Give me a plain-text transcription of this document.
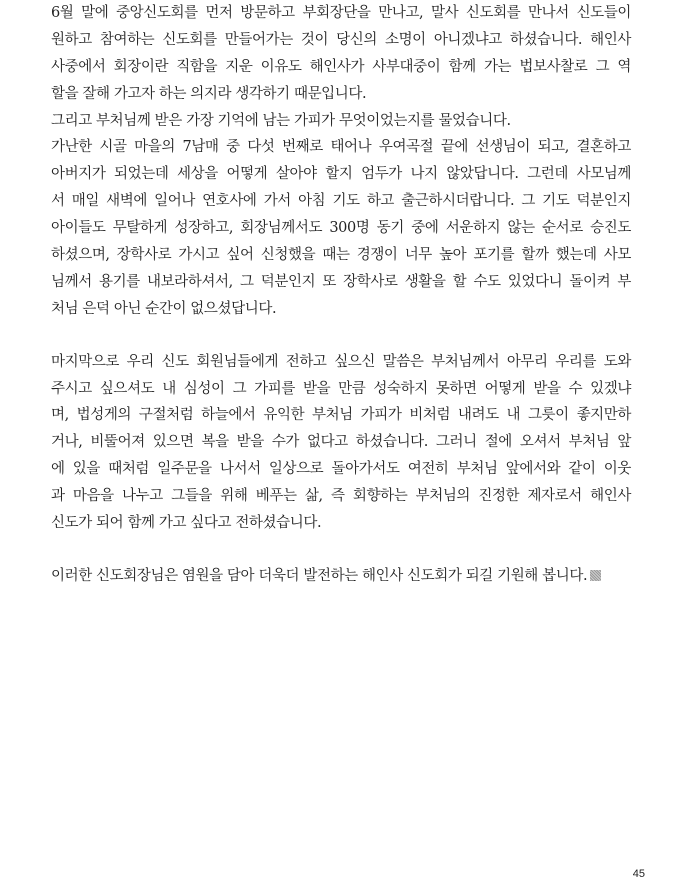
6월 말에 중앙신도회를 먼저 방문하고 부회장단을 만나고, 말사 신도회를 만나서 신도들이
원하고 참여하는 신도회를 만들어가는 것이 당신의 소명이 아니겠냐고 하셨습니다. 해인사
사중에서 회장이란 직함을 지운 이유도 해인사가 사부대중이 함께 가는 법보사찰로 그 역
할을 잘해 가고자 하는 의지라 생각하기 때문입니다.
그리고 부처님께 받은 가장 기억에 남는 가피가 무엇이었는지를 물었습니다.
가난한 시골 마을의 7남매 중 다섯 번째로 태어나 우여곡절 끝에 선생님이 되고, 결혼하고
아버지가 되었는데 세상을 어떻게 살아야 할지 엄두가 나지 않았답니다. 그런데 사모님께
서 매일 새벽에 일어나 연호사에 가서 아침 기도 하고 출근하시더랍니다. 그 기도 덕분인지
아이들도 무탈하게 성장하고, 회장님께서도 300명 동기 중에 서운하지 않는 순서로 승진도
하셨으며, 장학사로 가시고 싶어 신청했을 때는 경쟁이 너무 높아 포기를 할까 했는데 사모
님께서 용기를 내보라하셔서, 그 덕분인지 또 장학사로 생활을 할 수도 있었다니 돌이켜 부
처님 은덕 아닌 순간이 없으셨답니다.
마지막으로 우리 신도 회원님들에게 전하고 싶으신 말씀은 부처님께서 아무리 우리를 도와
주시고 싶으셔도 내 심성이 그 가피를 받을 만큼 성숙하지 못하면 어떻게 받을 수 있겠냐
며, 법성게의 구절처럼 하늘에서 유익한 부처님 가피가 비처럼 내려도 내 그릇이 좋지만하
거나, 비뚤어져 있으면 복을 받을 수가 없다고 하셨습니다. 그러니 절에 오셔서 부처님 앞
에 있을 때처럼 일주문을 나서서 일상으로 돌아가서도 여전히 부처님 앞에서와 같이 이웃
과 마음을 나누고 그들을 위해 베푸는 삶, 즉 회향하는 부처님의 진정한 제자로서 해인사
신도가 되어 함께 가고 싶다고 전하셨습니다.
이러한 신도회장님은 염원을 담아 더욱더 발전하는 해인사 신도회가 되길 기원해 봅니다.
45
